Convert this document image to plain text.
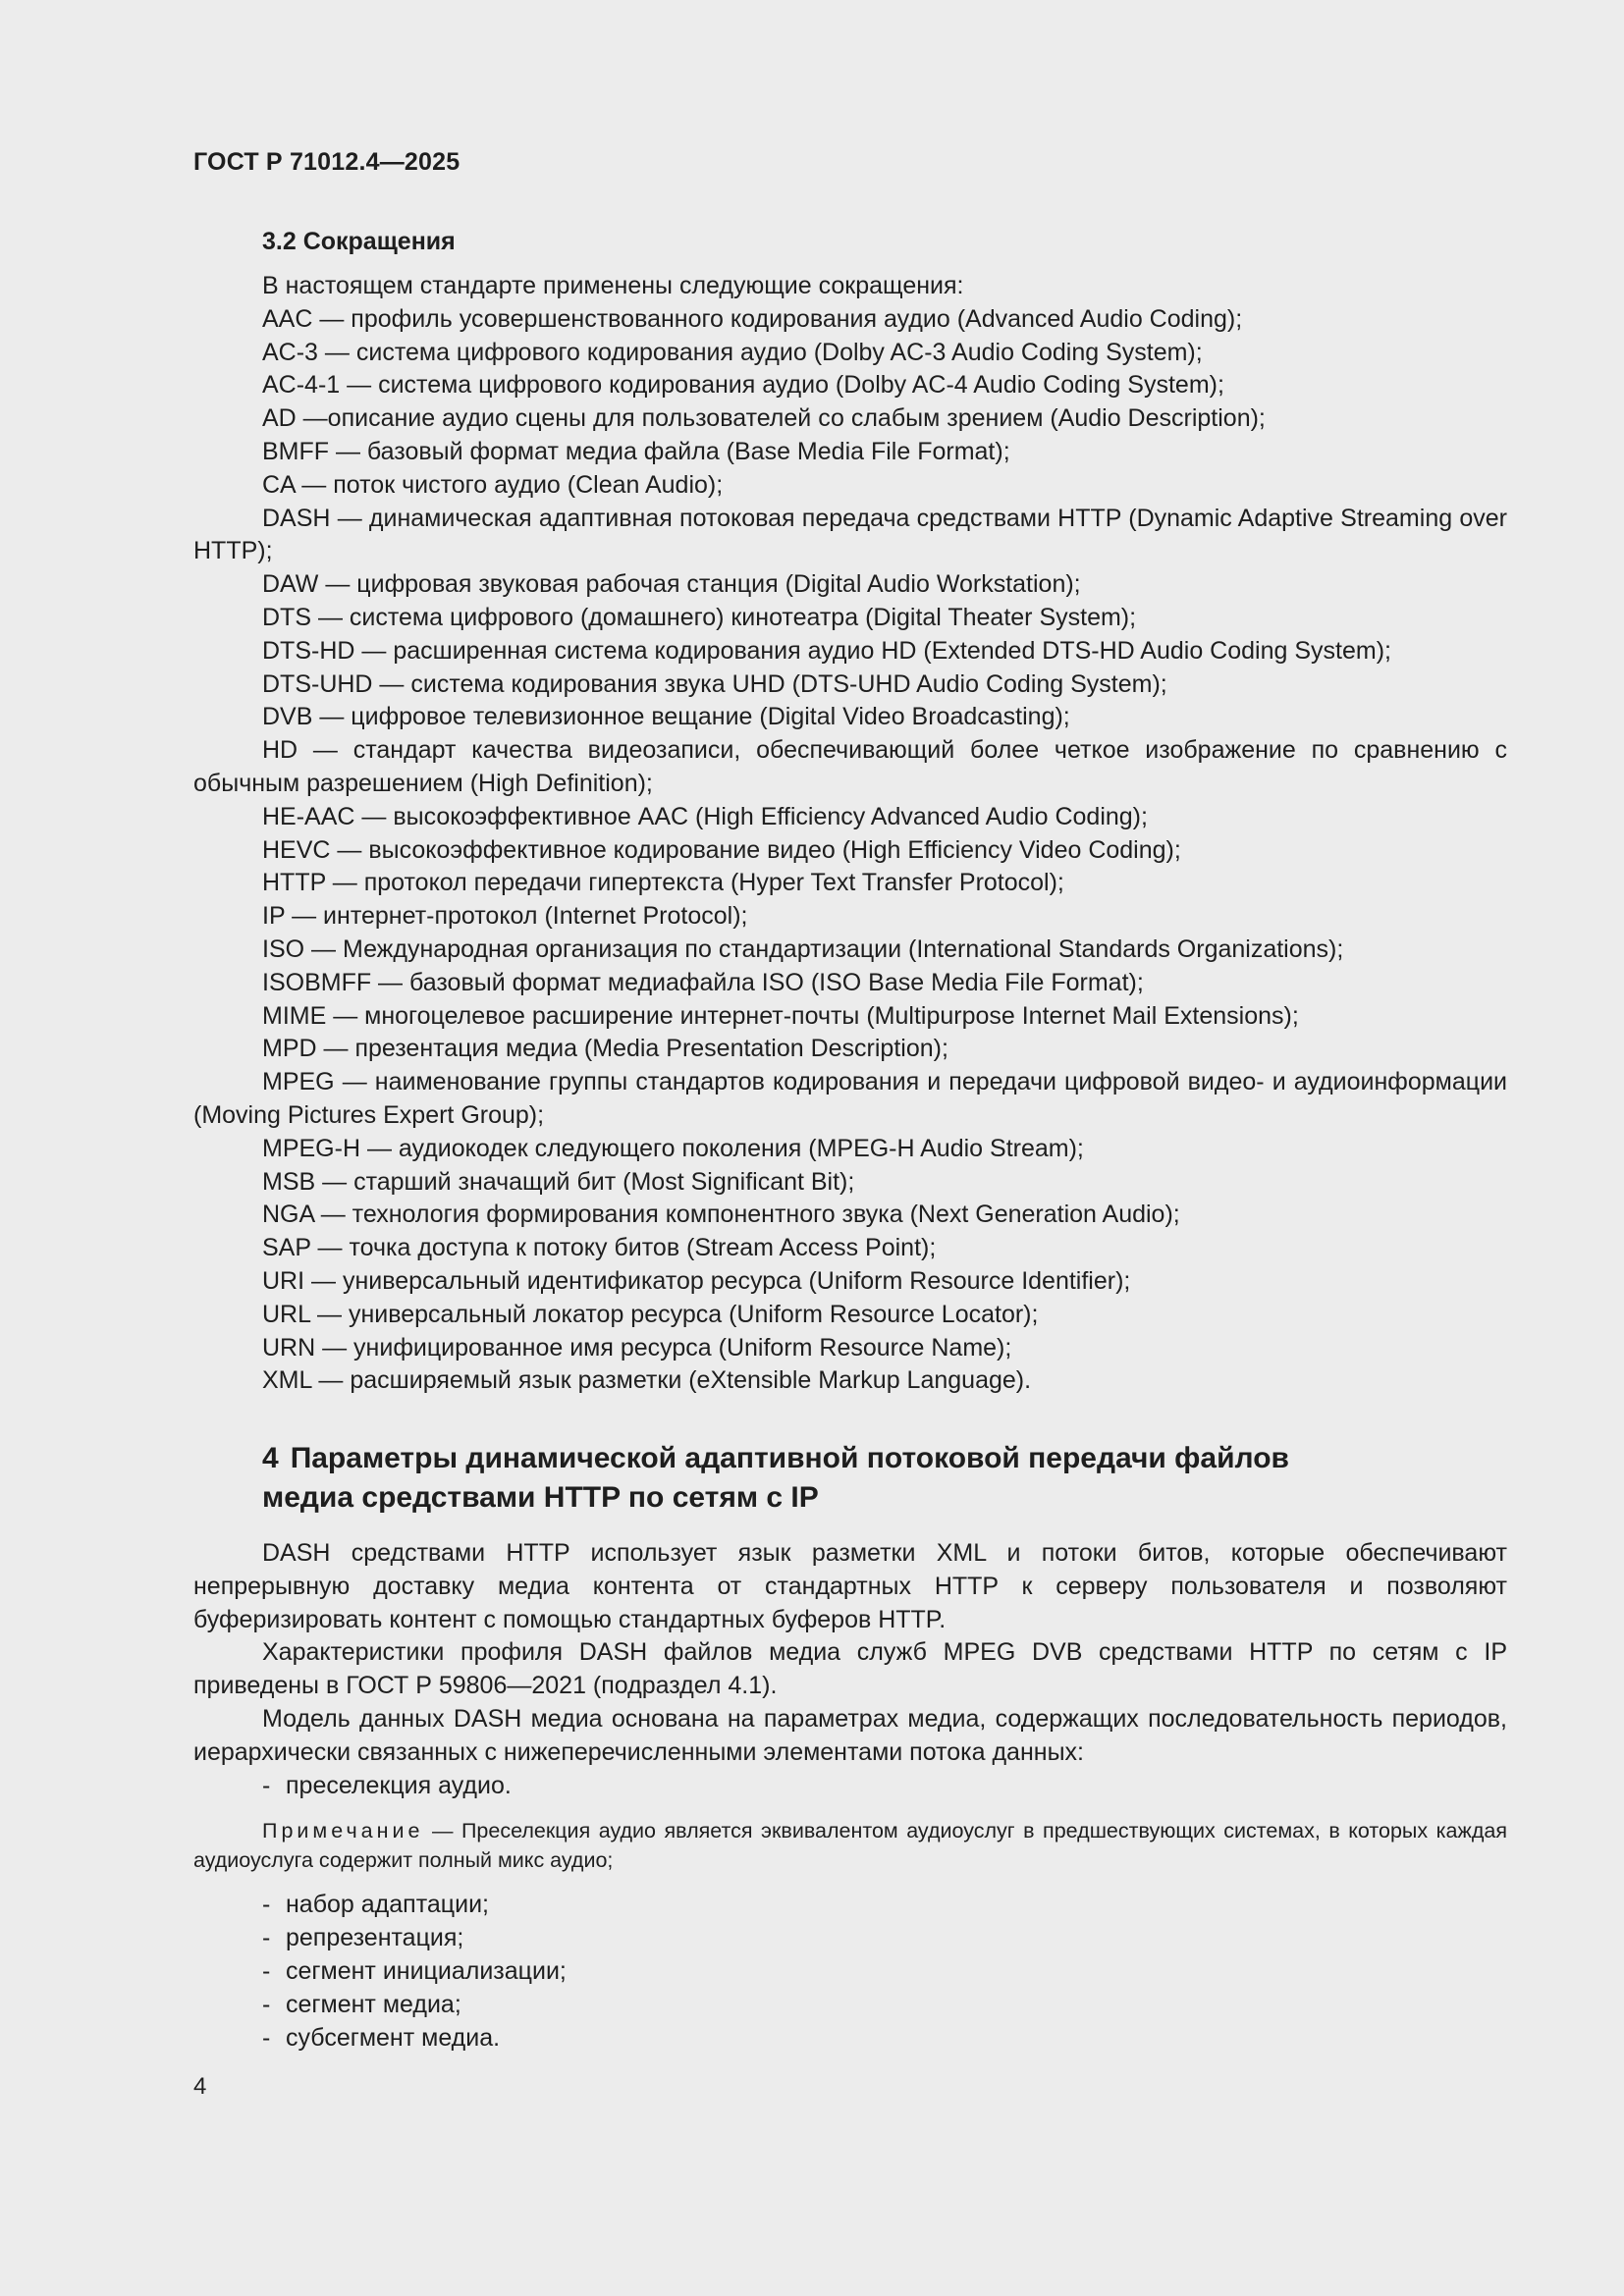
ГОСТ Р 71012.4—2025
3.2 Сокращения

В настоящем стандарте применены следующие сокращения:

AAC — профиль усовершенствованного кодирования аудио (Advanced Audio Coding);

AC-3 — система цифрового кодирования аудио (Dolby AC-3 Audio Coding System);

AC-4-1 — система цифрового кодирования аудио (Dolby AC-4 Audio Coding System);

AD —описание аудио сцены для пользователей со слабым зрением (Audio Description);

BMFF — базовый формат медиа файла (Base Media File Format);

CA — поток чистого аудио (Clean Audio);

DASH — динамическая адаптивная потоковая передача средствами HTTP (Dynamic Adaptive Streaming over HTTP);

DAW — цифровая звуковая рабочая станция (Digital Audio Workstation);

DTS — система цифрового (домашнего) кинотеатра (Digital Theater System);

DTS-HD — расширенная система кодирования аудио HD (Extended DTS-HD Audio Coding System);

DTS-UHD — система кодирования звука UHD (DTS-UHD Audio Coding System);

DVB — цифровое телевизионное вещание (Digital Video Broadcasting);

HD — стандарт качества видеозаписи, обеспечивающий более четкое изображение по сравнению с обычным разрешением (High Definition);

HE-AAC — высокоэффективное AAC (High Efficiency Advanced Audio Coding);

HEVC — высокоэффективное кодирование видео (High Efficiency Video Coding);

HTTP — протокол передачи гипертекста (Hyper Text Transfer Protocol);

IP — интернет-протокол (Internet Protocol);

ISO — Международная организация по стандартизации (International Standards Organizations);

ISOBMFF — базовый формат медиафайла ISO (ISO Base Media File Format);

MIME — многоцелевое расширение интернет-почты (Multipurpose Internet Mail Extensions);

MPD — презентация медиа (Media Presentation Description);

MPEG — наименование группы стандартов кодирования и передачи цифровой видео- и аудиоинформации (Moving Pictures Expert Group);

MPEG-H — аудиокодек следующего поколения (MPEG-H Audio Stream);

MSB — старший значащий бит (Most Significant Bit);

NGA — технология формирования компонентного звука (Next Generation Audio);

SAP — точка доступа к потоку битов (Stream Access Point);

URI — универсальный идентификатор ресурса (Uniform Resource Identifier);

URL — универсальный локатор ресурса (Uniform Resource Locator);

URN — унифицированное имя ресурса (Uniform Resource Name);

XML — расширяемый язык разметки (eXtensible Markup Language).

4 Параметры динамической адаптивной потоковой передачи файлов
медиа средствами HTTP по сетям с IP

DASH средствами HTTP использует язык разметки XML и потоки битов, которые обеспечивают непрерывную доставку медиа контента от стандартных HTTP к серверу пользователя и позволяют буферизировать контент с помощью стандартных буферов HTTP.

Характеристики профиля DASH файлов медиа служб MPEG DVB средствами HTTP по сетям с IP приведены в ГОСТ Р 59806—2021 (подраздел 4.1).

Модель данных DASH медиа основана на параметрах медиа, содержащих последовательность периодов, иерархически связанных с нижеперечисленными элементами потока данных:

- преселекция аудио.

Примечание — Преселекция аудио является эквивалентом аудиоуслуг в предшествующих системах, в которых каждая аудиоуслуга содержит полный микс аудио;

- набор адаптации;

- репрезентация;

- сегмент инициализации;

- сегмент медиа;

- субсегмент медиа.

4
